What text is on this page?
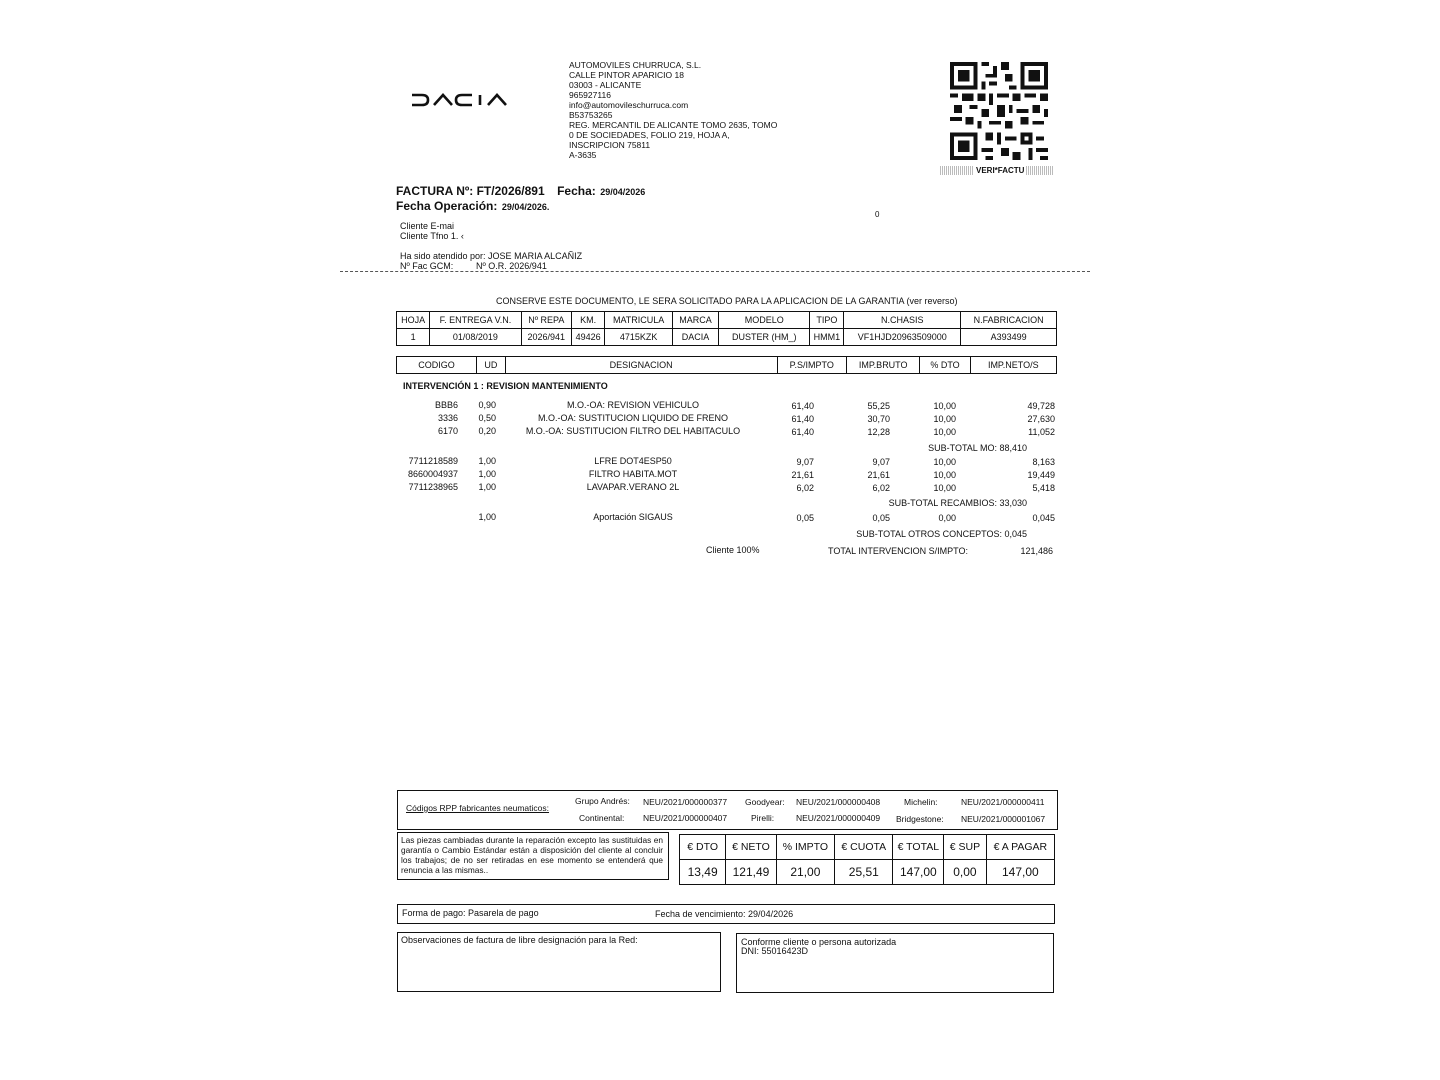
AUTOMOVILES CHURRUCA, S.L.
CALLE PINTOR APARICIO 18
03003 - ALICANTE
965927116
info@automovileschurruca.com
B53753265
REG. MERCANTIL DE ALICANTE TOMO 2635, TOMO
0 DE SOCIEDADES, FOLIO 219, HOJA A,
INSCRIPCION 75811
A-3635
VERI*FACTU
FACTURA Nº: FT/2026/891 Fecha: 29/04/2026
Fecha Operación: 29/04/2026.
0
Cliente E-mai
Cliente Tfno 1. ‹
Ha sido atendido por: JOSE MARIA ALCAÑIZ
Nº Fac GCM:	Nº O.R. 2026/941
CONSERVE ESTE DOCUMENTO, LE SERA SOLICITADO PARA LA APLICACION DE LA GARANTIA (ver reverso)
HOJA	F. ENTREGA V.N.	Nº REPA	KM.	MATRICULA	MARCA	MODELO	TIPO	N.CHASIS	N.FABRICACION
1	01/08/2019	2026/941	49426	4715KZK	DACIA	DUSTER (HM_)	HMM1	VF1HJD20963509000	A393499
CODIGO	UD	DESIGNACION	P.S/IMPTO	IMP.BRUTO	% DTO	IMP.NETO/S
INTERVENCIÓN 1 : REVISION MANTENIMIENTO
BBB6	0,90	M.O.-OA: REVISION VEHICULO	61,40	55,25	10,00	49,728
3336	0,50	M.O.-OA: SUSTITUCION LIQUIDO DE FRENO	61,40	30,70	10,00	27,630
6170	0,20	M.O.-OA: SUSTITUCION FILTRO DEL HABITACULO	61,40	12,28	10,00	11,052
7711218589	1,00	LFRE DOT4ESP50	9,07	9,07	10,00	8,163
8660004937	1,00	FILTRO HABITA.MOT	21,61	21,61	10,00	19,449
7711238965	1,00	LAVAPAR.VERANO 2L	6,02	6,02	10,00	5,418
1,00	Aportación SIGAUS	0,05	0,05	0,00	0,045
SUB-TOTAL MO: 88,410
SUB-TOTAL RECAMBIOS: 33,030
SUB-TOTAL OTROS CONCEPTOS: 0,045
Cliente 100%	TOTAL INTERVENCION S/IMPTO:	121,486
Códigos RPP fabricantes neumaticos:
Grupo Andrés: NEU/2021/000000377 Goodyear: NEU/2021/000000408	Michelin:	NEU/2021/000000411
Continental: NEU/2021/000000407	Pirelli:	NEU/2021/000000409 Bridgestone: NEU/2021/000001067
Las piezas cambiadas durante la reparación excepto las sustituidas en garantía o Cambio Estándar están a disposición del cliente al concluir los trabajos; de no ser retiradas en ese momento se entenderá que renuncia a las mismas..
€ DTO	€ NETO	% IMPTO	€ CUOTA	€ TOTAL	€ SUP	€ A PAGAR
13,49	121,49	21,00	25,51	147,00	0,00	147,00
Forma de pago: Pasarela de pago	Fecha de vencimiento: 29/04/2026
Observaciones de factura de libre designación para la Red:	Conforme cliente o persona autorizada
DNI: 55016423D
